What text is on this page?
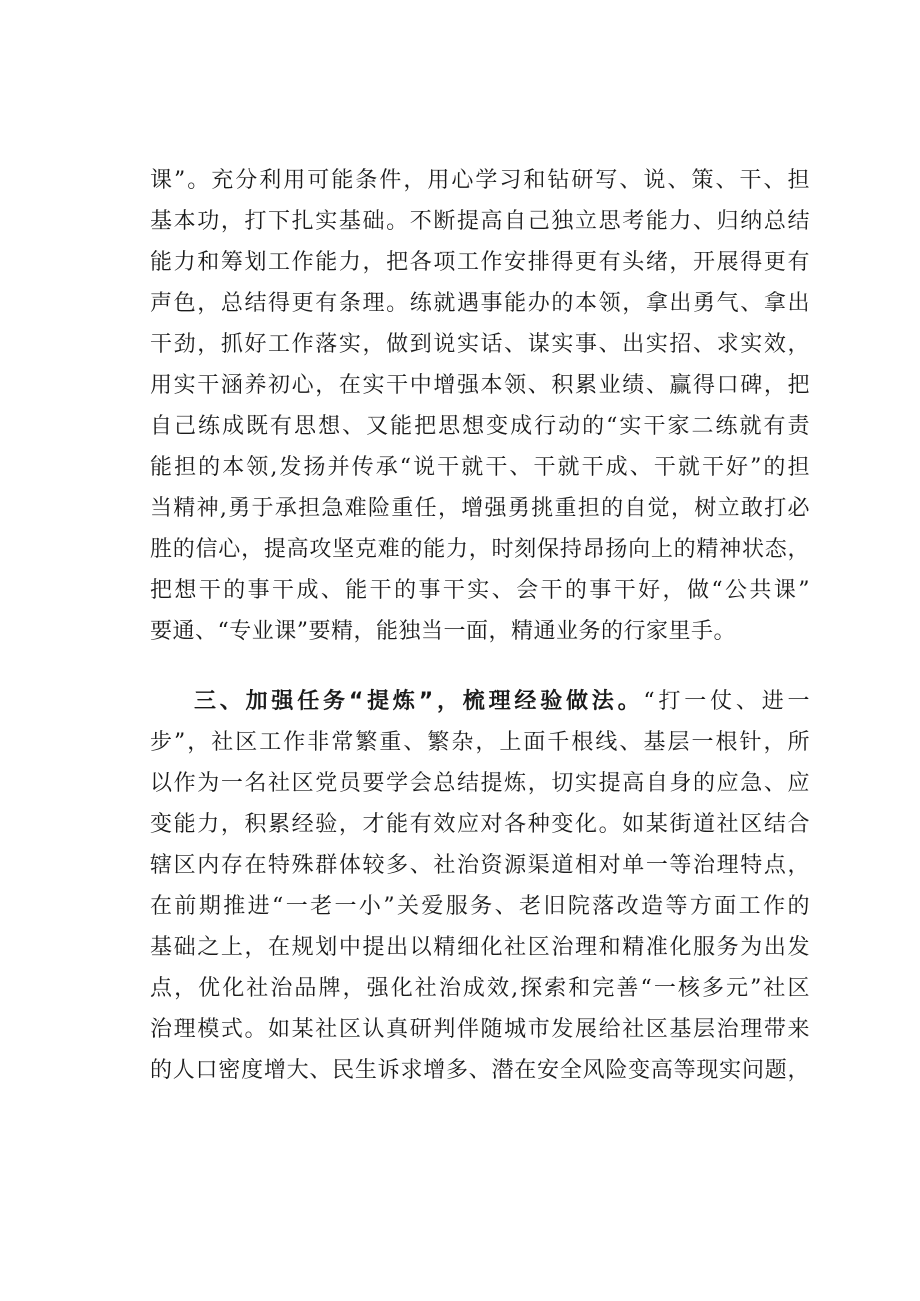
课”。充分利用可能条件，用心学习和钻研写、说、策、干、担
基本功，打下扎实基础。不断提高自己独立思考能力、归纳总结
能力和筹划工作能力，把各项工作安排得更有头绪，开展得更有
声色，总结得更有条理。练就遇事能办的本领，拿出勇气、拿出
干劲，抓好工作落实，做到说实话、谋实事、出实招、求实效，
用实干涵养初心，在实干中增强本领、积累业绩、赢得口碑，把
自己练成既有思想、又能把思想变成行动的“实干家二练就有责
能担的本领,发扬并传承“说干就干、干就干成、干就干好”的担
当精神,勇于承担急难险重任，增强勇挑重担的自觉，树立敢打必
胜的信心，提高攻坚克难的能力，时刻保持昂扬向上的精神状态，
把想干的事干成、能干的事干实、会干的事干好，做“公共课”
要通、“专业课”要精，能独当一面，精通业务的行家里手。
三、加强任务“提炼”，梳理经验做法。“打一仗、进一
步”，社区工作非常繁重、繁杂，上面千根线、基层一根针，所
以作为一名社区党员要学会总结提炼，切实提高自身的应急、应
变能力，积累经验，才能有效应对各种变化。如某街道社区结合
辖区内存在特殊群体较多、社治资源渠道相对单一等治理特点，
在前期推进“一老一小”关爱服务、老旧院落改造等方面工作的
基础之上，在规划中提出以精细化社区治理和精准化服务为出发
点，优化社治品牌，强化社治成效,探索和完善“一核多元”社区
治理模式。如某社区认真研判伴随城市发展给社区基层治理带来
的人口密度增大、民生诉求增多、潜在安全风险变高等现实问题，
